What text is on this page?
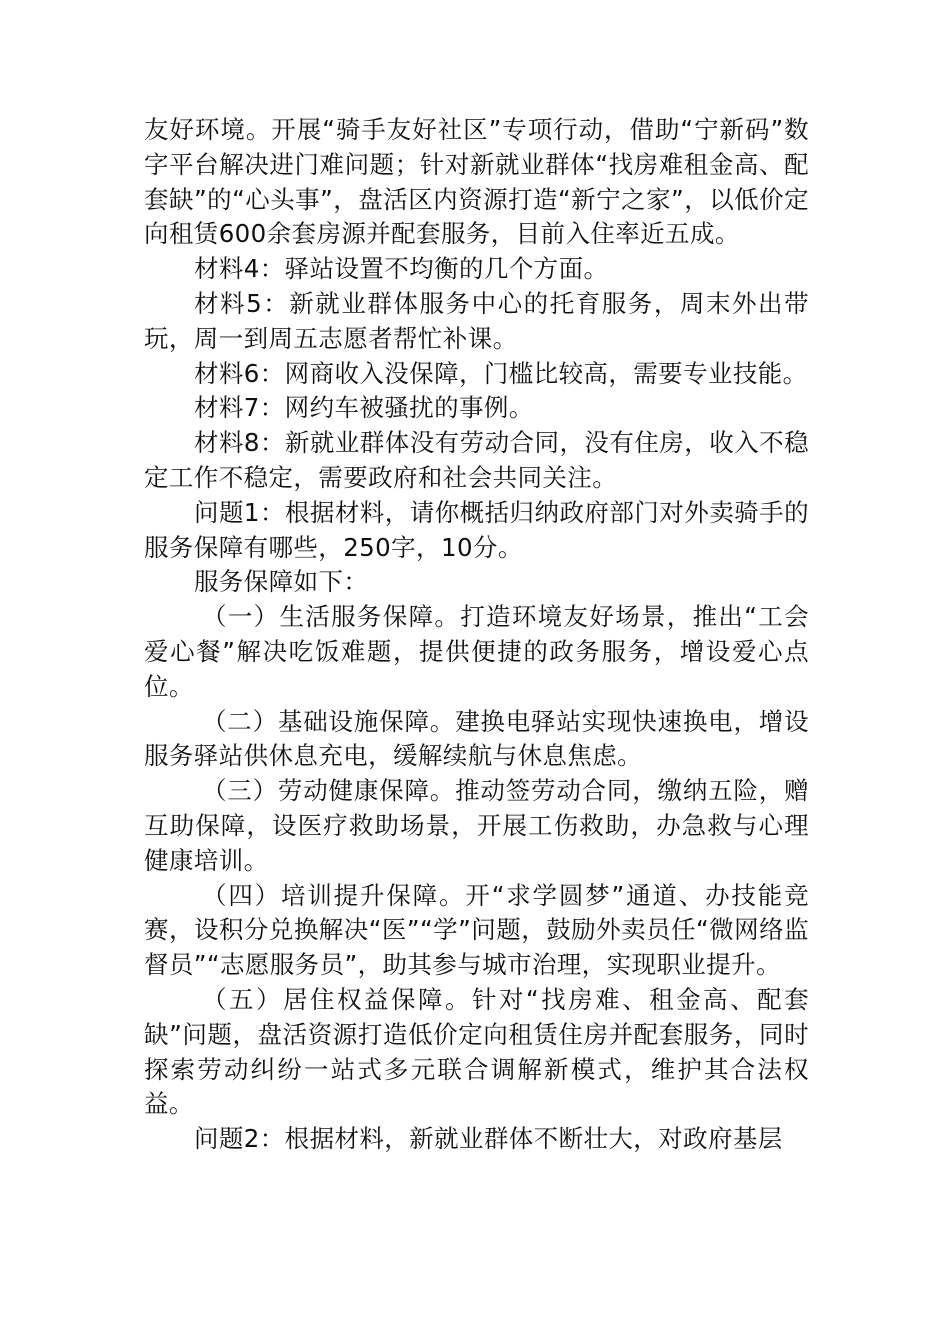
友好环境。开展“骑手友好社区”专项行动，借助“宁新码”数字平台解决进门难问题；针对新就业群体“找房难租金高、配套缺”的“心头事”，盘活区内资源打造“新宁之家”，以低价定向租赁600余套房源并配套服务，目前入住率近五成。

材料4：驿站设置不均衡的几个方面。

材料5：新就业群体服务中心的托育服务，周末外出带玩，周一到周五志愿者帮忙补课。

材料6：网商收入没保障，门槛比较高，需要专业技能。

材料7：网约车被骚扰的事例。

材料8：新就业群体没有劳动合同，没有住房，收入不稳定工作不稳定，需要政府和社会共同关注。

问题1：根据材料，请你概括归纳政府部门对外卖骑手的服务保障有哪些，250字，10分。

服务保障如下：

（一）生活服务保障。打造环境友好场景，推出“工会爱心餐”解决吃饭难题，提供便捷的政务服务，增设爱心点位。

（二）基础设施保障。建换电驿站实现快速换电，增设服务驿站供休息充电，缓解续航与休息焦虑。

（三）劳动健康保障。推动签劳动合同，缴纳五险，赠互助保障，设医疗救助场景，开展工伤救助，办急救与心理健康培训。

（四）培训提升保障。开“求学圆梦”通道、办技能竞赛，设积分兑换解决“医”“学”问题，鼓励外卖员任“微网络监督员”“志愿服务员”，助其参与城市治理，实现职业提升。

（五）居住权益保障。针对“找房难、租金高、配套缺”问题，盘活资源打造低价定向租赁住房并配套服务，同时探索劳动纠纷一站式多元联合调解新模式，维护其合法权益。

问题2：根据材料，新就业群体不断壮大，对政府基层
